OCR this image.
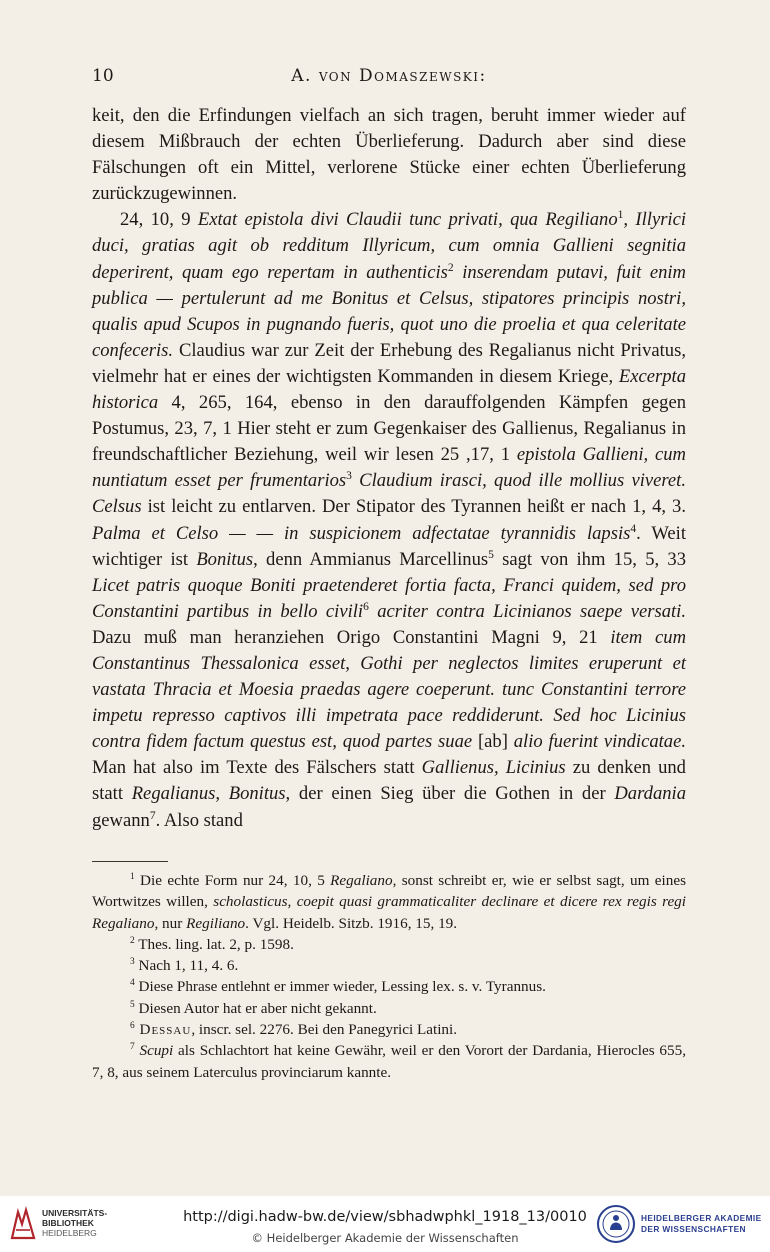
10	A. von Domaszewski:

keit, den die Erfindungen vielfach an sich tragen, beruht immer wieder auf diesem Mißbrauch der echten Überlieferung. Dadurch aber sind diese Fälschungen oft ein Mittel, verlorene Stücke einer echten Überlieferung zurückzugewinnen.

24, 10, 9 Extat epistola divi Claudii tunc privati, qua Regiliano$^1$, Illyrici duci, gratias agit ob redditum Illyricum, cum omnia Gallieni segnitia deperirent, quam ego repertam in authenticis$^2$ inserendam putavi, fuit enim publica — pertulerunt ad me Bonitus et Celsus, stipatores principis nostri, qualis apud Scupos in pugnando fueris, quot uno die proelia et qua celeritate confeceris. Claudius war zur Zeit der Erhebung des Regalianus nicht Privatus, vielmehr hat er eines der wichtigsten Kommanden in diesem Kriege, Excerpta historica 4, 265, 164, ebenso in den darauffolgenden Kämpfen gegen Postumus, 23, 7, 1 Hier steht er zum Gegenkaiser des Gallienus, Regalianus in freundschaftlicher Beziehung, weil wir lesen 25 ,17, 1 epistola Gallieni, cum nuntiatum esset per frumentarios$^3$ Claudium irasci, quod ille mollius viveret. Celsus ist leicht zu entlarven. Der Stipator des Tyrannen heißt er nach 1, 4, 3. Palma et Celso — — in suspicionem adfectatae tyrannidis lapsis$^4$. Weit wichtiger ist Bonitus, denn Ammianus Marcellinus$^5$ sagt von ihm 15, 5, 33 Licet patris quoque Boniti praetenderet fortia facta, Franci quidem, sed pro Constantini partibus in bello civili$^6$ acriter contra Licinianos saepe versati. Dazu muß man heranziehen Origo Constantini Magni 9, 21 item cum Constantinus Thessalonica esset, Gothi per neglectos limites eruperunt et vastata Thracia et Moesia praedas agere coeperunt. tunc Constantini terrore impetu represso captivos illi impetrata pace reddiderunt. Sed hoc Licinius contra fidem factum questus est, quod partes suae [ab] alio fuerint vindicatae. Man hat also im Texte des Fälschers statt Gallienus, Licinius zu denken und statt Regalianus, Bonitus, der einen Sieg über die Gothen in der Dardania gewann$^7$. Also stand

$^1$ Die echte Form nur 24, 10, 5 Regaliano, sonst schreibt er, wie er selbst sagt, um eines Wortwitzes willen, scholasticus, coepit quasi grammaticaliter declinare et dicere rex regis regi Regaliano, nur Regiliano. Vgl. Heidelb. Sitzb. 1916, 15, 19.

$^2$ Thes. ling. lat. 2, p. 1598.

$^3$ Nach 1, 11, 4. 6.

$^4$ Diese Phrase entlehnt er immer wieder, Lessing lex. s. v. Tyrannus.

$^5$ Diesen Autor hat er aber nicht gekannt.

$^6$ Dessau, inscr. sel. 2276. Bei den Panegyrici Latini.

$^7$ Scupi als Schlachtort hat keine Gewähr, weil er den Vorort der Dardania, Hierocles 655, 7, 8, aus seinem Laterculus provinciarum kannte.

UNIVERSITÄTS-
BIBLIOTHEK
HEIDELBERG
http://digi.hadw-bw.de/view/sbhadwphkl_1918_13/0010
© Heidelberger Akademie der Wissenschaften
HEIDELBERGER AKADEMIE
DER WISSENSCHAFTEN
